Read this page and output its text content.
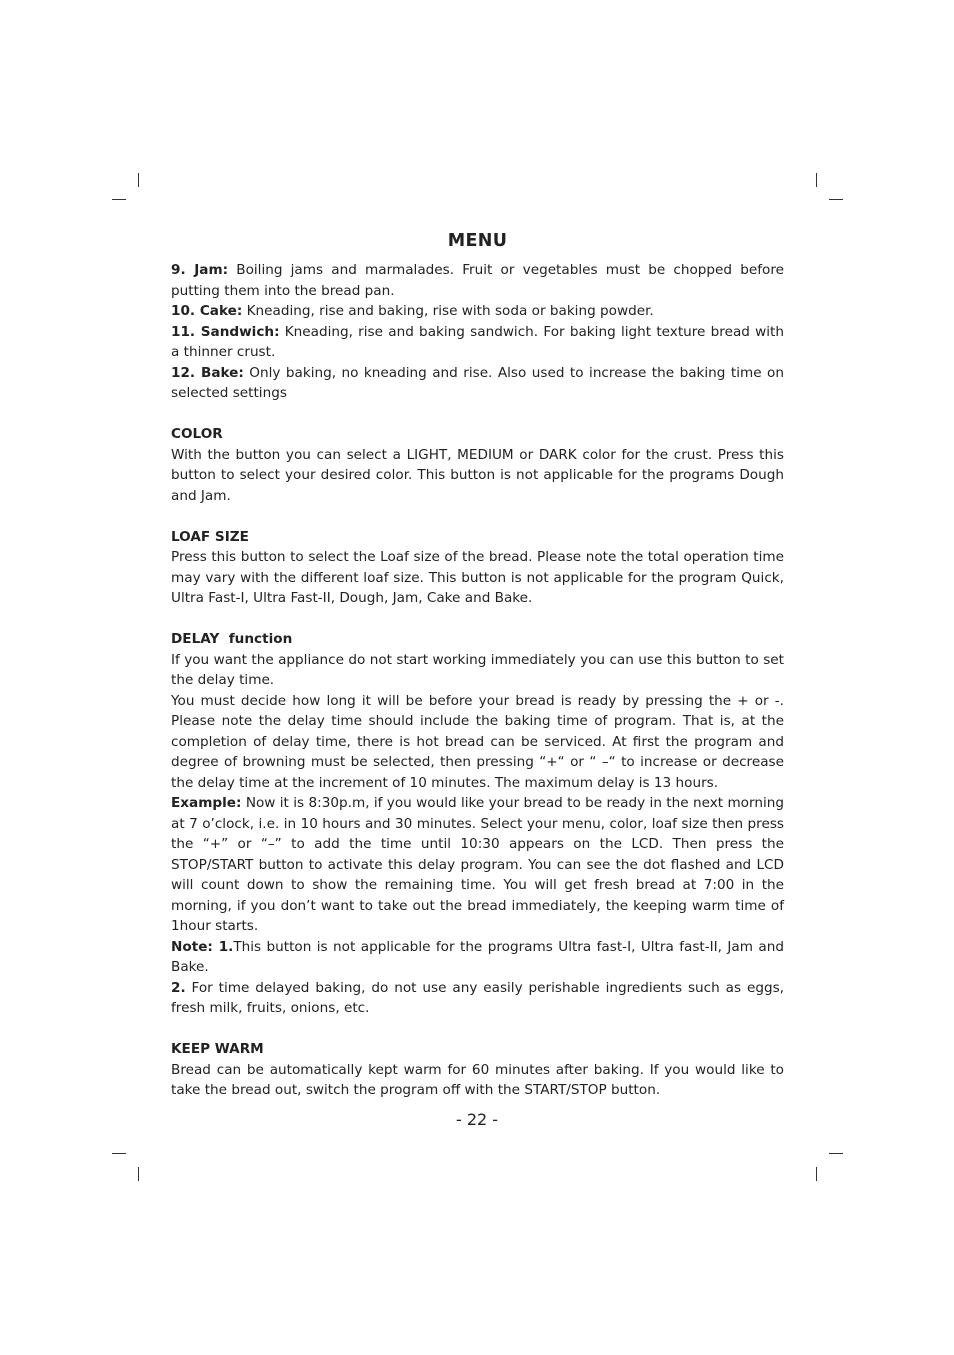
MENU

9. Jam: Boiling jams and marmalades. Fruit or vegetables must be chopped before putting them into the bread pan.

10. Cake: Kneading, rise and baking, rise with soda or baking powder.

11. Sandwich: Kneading, rise and baking sandwich. For baking light texture bread with a thinner crust.

12. Bake: Only baking, no kneading and rise. Also used to increase the baking time on selected settings

COLOR

With the button you can select a LIGHT, MEDIUM or DARK color for the crust. Press this button to select your desired color. This button is not applicable for the programs Dough and Jam.

LOAF SIZE

Press this button to select the Loaf size of the bread. Please note the total operation time may vary with the different loaf size. This button is not applicable for the program Quick, Ultra Fast-I, Ultra Fast-II, Dough, Jam, Cake and Bake.

DELAY  function

If you want the appliance do not start working immediately you can use this button to set the delay time.

You must decide how long it will be before your bread is ready by pressing the + or -. Please note the delay time should include the baking time of program. That is, at the completion of delay time, there is hot bread can be serviced. At first the program and degree of browning must be selected, then pressing “+“ or “ –“ to increase or decrease the delay time at the increment of 10 minutes. The maximum delay is 13 hours.

Example: Now it is 8:30p.m, if you would like your bread to be ready in the next morning at 7 o’clock, i.e. in 10 hours and 30 minutes. Select your menu, color, loaf size then press the “+” or “–” to add the time until 10:30 appears on the LCD. Then press the STOP/START button to activate this delay program. You can see the dot flashed and LCD will count down to show the remaining time. You will get fresh bread at 7:00 in the morning, if you don’t want to take out the bread immediately, the keeping warm time of 1hour starts.

Note: 1.This button is not applicable for the programs Ultra fast-I, Ultra fast-II, Jam and Bake.

2. For time delayed baking, do not use any easily perishable ingredients such as eggs, fresh milk, fruits, onions, etc.

KEEP WARM

Bread can be automatically kept warm for 60 minutes after baking. If you would like to take the bread out, switch the program off with the START/STOP button.

- 22 -
